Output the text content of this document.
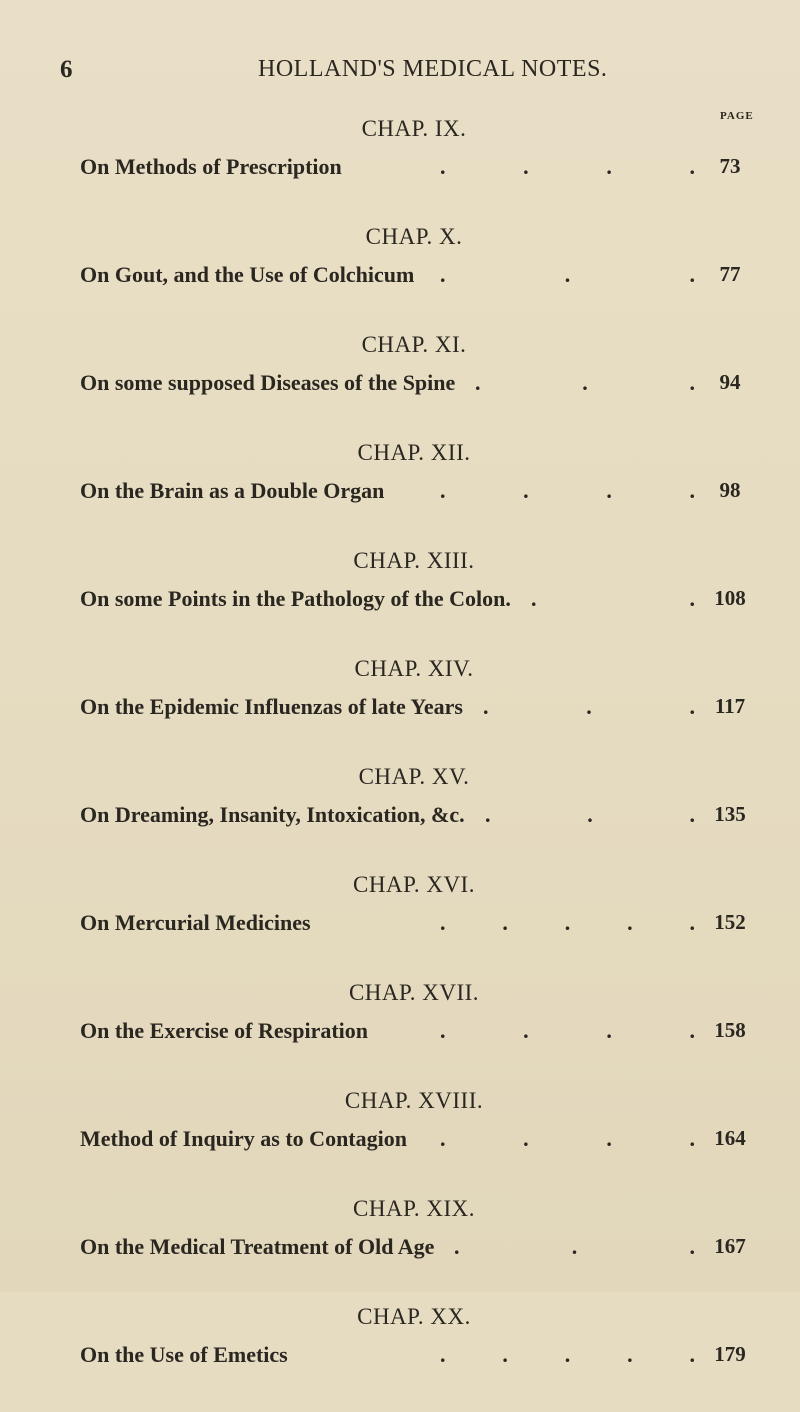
6	HOLLAND'S MEDICAL NOTES.
PAGE
CHAP. IX.
On Methods of Prescription	.	.	.	.	73
CHAP. X.
On Gout, and the Use of Colchicum .	.	.	77
CHAP. XI.
On some supposed Diseases of the Spine .	.	.	94
CHAP. XII.
On the Brain as a Double Organ	.	.	.	.	98
CHAP. XIII.
On some Points in the Pathology of the Colon. .	. 108
CHAP. XIV.
On the Epidemic Influenzas of late Years .	.	. 117
CHAP. XV.
On Dreaming, Insanity, Intoxication, &c. .	.	. 135
CHAP. XVI.
On Mercurial Medicines	.	.	.	.	. 152
CHAP. XVII.
On the Exercise of Respiration	.	.	.	. 158
CHAP. XVIII.
Method of Inquiry as to Contagion .	.	.	. 164
CHAP. XIX.
On the Medical Treatment of Old Age .	.	. 167
CHAP. XX.
On the Use of Emetics	.	.	.	.	. 179
